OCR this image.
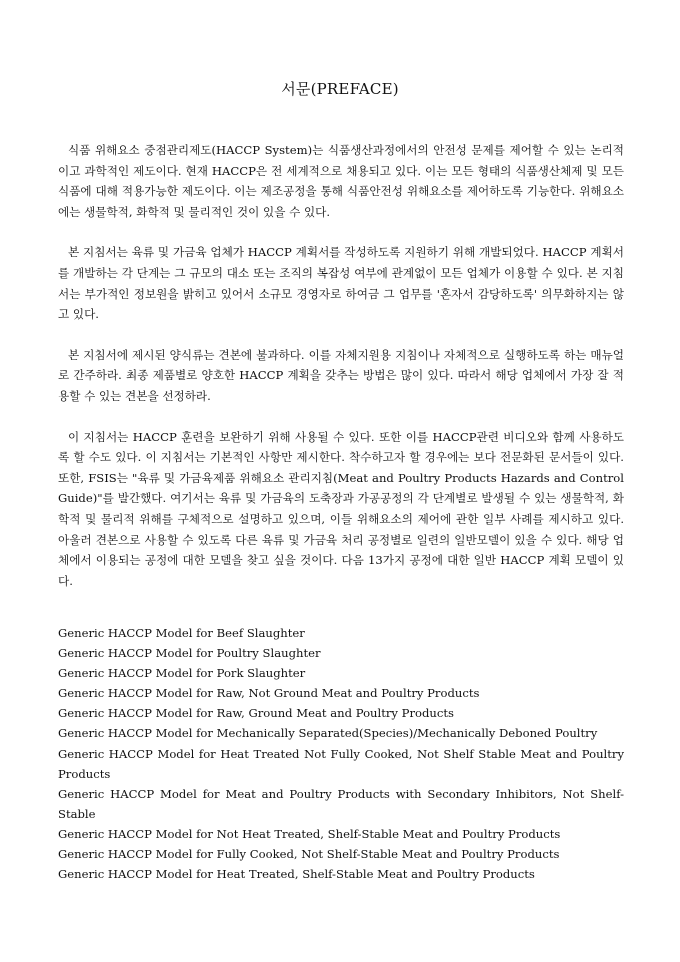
서문(PREFACE)

식품 위해요소 중점관리제도(HACCP System)는 식품생산과정에서의 안전성 문제를 제어할 수 있는 논리적이고 과학적인 제도이다. 현재 HACCP은 전 세계적으로 채용되고 있다. 이는 모든 형태의 식품생산체제 및 모든 식품에 대해 적용가능한 제도이다. 이는 제조공정을 통해 식품안전성 위해요소를 제어하도록 기능한다. 위해요소에는 생물학적, 화학적 및 물리적인 것이 있을 수 있다.

본 지침서는 육류 및 가금육 업체가 HACCP 계획서를 작성하도록 지원하기 위해 개발되었다. HACCP 계획서를 개발하는 각 단계는 그 규모의 대소 또는 조직의 복잡성 여부에 관계없이 모든 업체가 이용할 수 있다. 본 지침서는 부가적인 정보원을 밝히고 있어서 소규모 경영자로 하여금 그 업무를 '혼자서 감당하도록' 의무화하지는 않고 있다.

본 지침서에 제시된 양식류는 견본에 불과하다. 이를 자체지원용 지침이나 자체적으로 실행하도록 하는 매뉴얼로 간주하라. 최종 제품별로 양호한 HACCP 계획을 갖추는 방법은 많이 있다. 따라서 해당 업체에서 가장 잘 적용할 수 있는 견본을 선정하라.

이 지침서는 HACCP 훈련을 보완하기 위해 사용될 수 있다. 또한 이를 HACCP관련 비디오와 함께 사용하도록 할 수도 있다. 이 지침서는 기본적인 사항만 제시한다. 착수하고자 할 경우에는 보다 전문화된 문서들이 있다. 또한, FSIS는 "육류 및 가금육제품 위해요소 관리지침(Meat and Poultry Products Hazards and Control Guide)"를 발간했다. 여기서는 육류 및 가금육의 도축장과 가공공정의 각 단계별로 발생될 수 있는 생물학적, 화학적 및 물리적 위해를 구체적으로 설명하고 있으며, 이들 위해요소의 제어에 관한 일부 사례를 제시하고 있다. 아울러 견본으로 사용할 수 있도록 다른 육류 및 가금육 처리 공정별로 일련의 일반모델이 있을 수 있다. 해당 업체에서 이용되는 공정에 대한 모델을 찾고 싶을 것이다. 다음 13가지 공정에 대한 일반 HACCP 계획 모델이 있다.

Generic HACCP Model for Beef Slaughter
Generic HACCP Model for Poultry Slaughter
Generic HACCP Model for Pork Slaughter
Generic HACCP Model for Raw, Not Ground Meat and Poultry Products
Generic HACCP Model for Raw, Ground Meat and Poultry Products
Generic HACCP Model for Mechanically Separated(Species)/Mechanically Deboned Poultry
Generic HACCP Model for Heat Treated Not Fully Cooked, Not Shelf Stable Meat and Poultry Products
Generic HACCP Model for Meat and Poultry Products with Secondary Inhibitors, Not Shelf-Stable
Generic HACCP Model for Not Heat Treated, Shelf-Stable Meat and Poultry Products
Generic HACCP Model for Fully Cooked, Not Shelf-Stable Meat and Poultry Products
Generic HACCP Model for Heat Treated, Shelf-Stable Meat and Poultry Products
